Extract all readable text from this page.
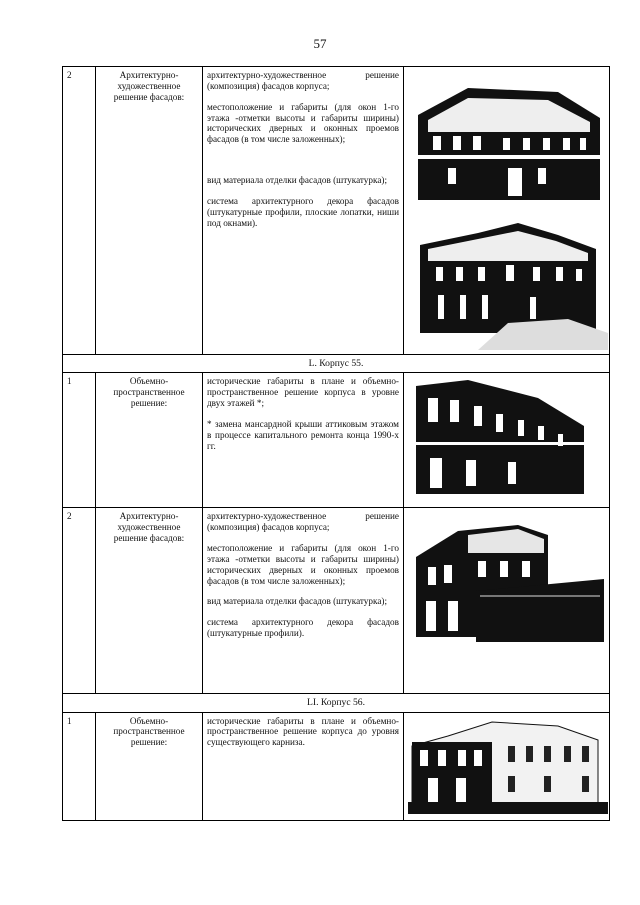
57
2	Архитектурно-художественное решение фасадов:	архитектурно-художественное решение (композиция) фасадов корпуса;

местоположение и габариты (для окон 1-го этажа -отметки высоты и габариты ширины) исторических дверных и оконных проемов фасадов (в том числе заложенных);

вид материала отделки фасадов (штукатурка);

система архитектурного декора фасадов (штукатурные профили, плоские лопатки, ниши под окнами).

L. Корпус 55.			
1	Объемно-пространственное решение:	исторические габариты в плане и объемно-пространственное решение корпуса в уровне двух этажей *;

* замена мансардной крыши аттиковым этажом в процессе капитального ремонта конца 1990-х гг.

2	Архитектурно-художественное решение фасадов:	архитектурно-художественное решение (композиция) фасадов корпуса;

местоположение и габариты (для окон 1-го этажа -отметки высоты и габариты ширины) исторических дверных и оконных проемов фасадов (в том числе заложенных);

вид материала отделки фасадов (штукатурка);

система архитектурного декора фасадов (штукатурные профили).

LI. Корпус 56.			
1	Объемно-пространственное решение:	исторические габариты в плане и объемно-пространственное решение корпуса до уровня существующего карниза.
